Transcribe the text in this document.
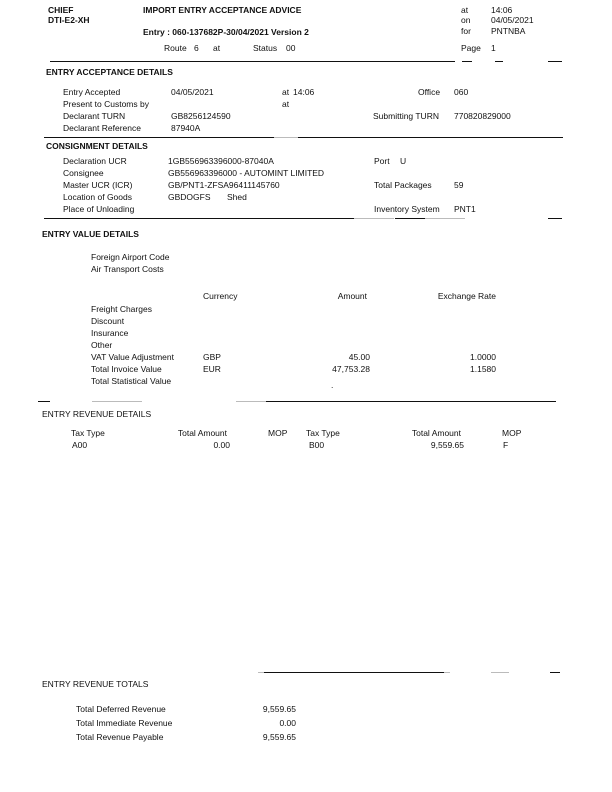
CHIEF
DTI-E2-XH
IMPORT ENTRY ACCEPTANCE ADVICE
Entry : 060-137682P-30/04/2021 Version 2
Route 6 at	Status 00
at	14:06
on 04/05/2021
for PNTNBA
Page 1
ENTRY ACCEPTANCE DETAILS
Entry Accepted	04/05/2021	at 14:06	Office 060
Present to Customs by	at
Declarant TURN	GB8256124590	Submitting TURN 770820829000
Declarant Reference	87940A
CONSIGNMENT DETAILS
Declaration UCR	1GB556963396000-87040A	Port U
Consignee	GB556963396000 - AUTOMINT LIMITED
Master UCR (ICR)	GB/PNT1-ZFSA96411145760	Total Packages	59
Location of Goods	GBDOGFS Shed
Place of Unloading	Inventory System PNT1
ENTRY VALUE DETAILS
Foreign Airport Code
Air Transport Costs
Currency	Amount	Exchange Rate
Freight Charges
Discount
Insurance
Other
VAT Value Adjustment	GBP	45.00	1.0000
Total Invoice Value	EUR	47,753.28	1.1580
Total Statistical Value	.
ENTRY REVENUE DETAILS
Tax Type	Total Amount	MOP Tax Type	Total Amount	MOP
A00	0.00	B00	9,559.65	F
ENTRY REVENUE TOTALS
Total Deferred Revenue	9,559.65
Total Immediate Revenue	0.00
Total Revenue Payable	9,559.65
